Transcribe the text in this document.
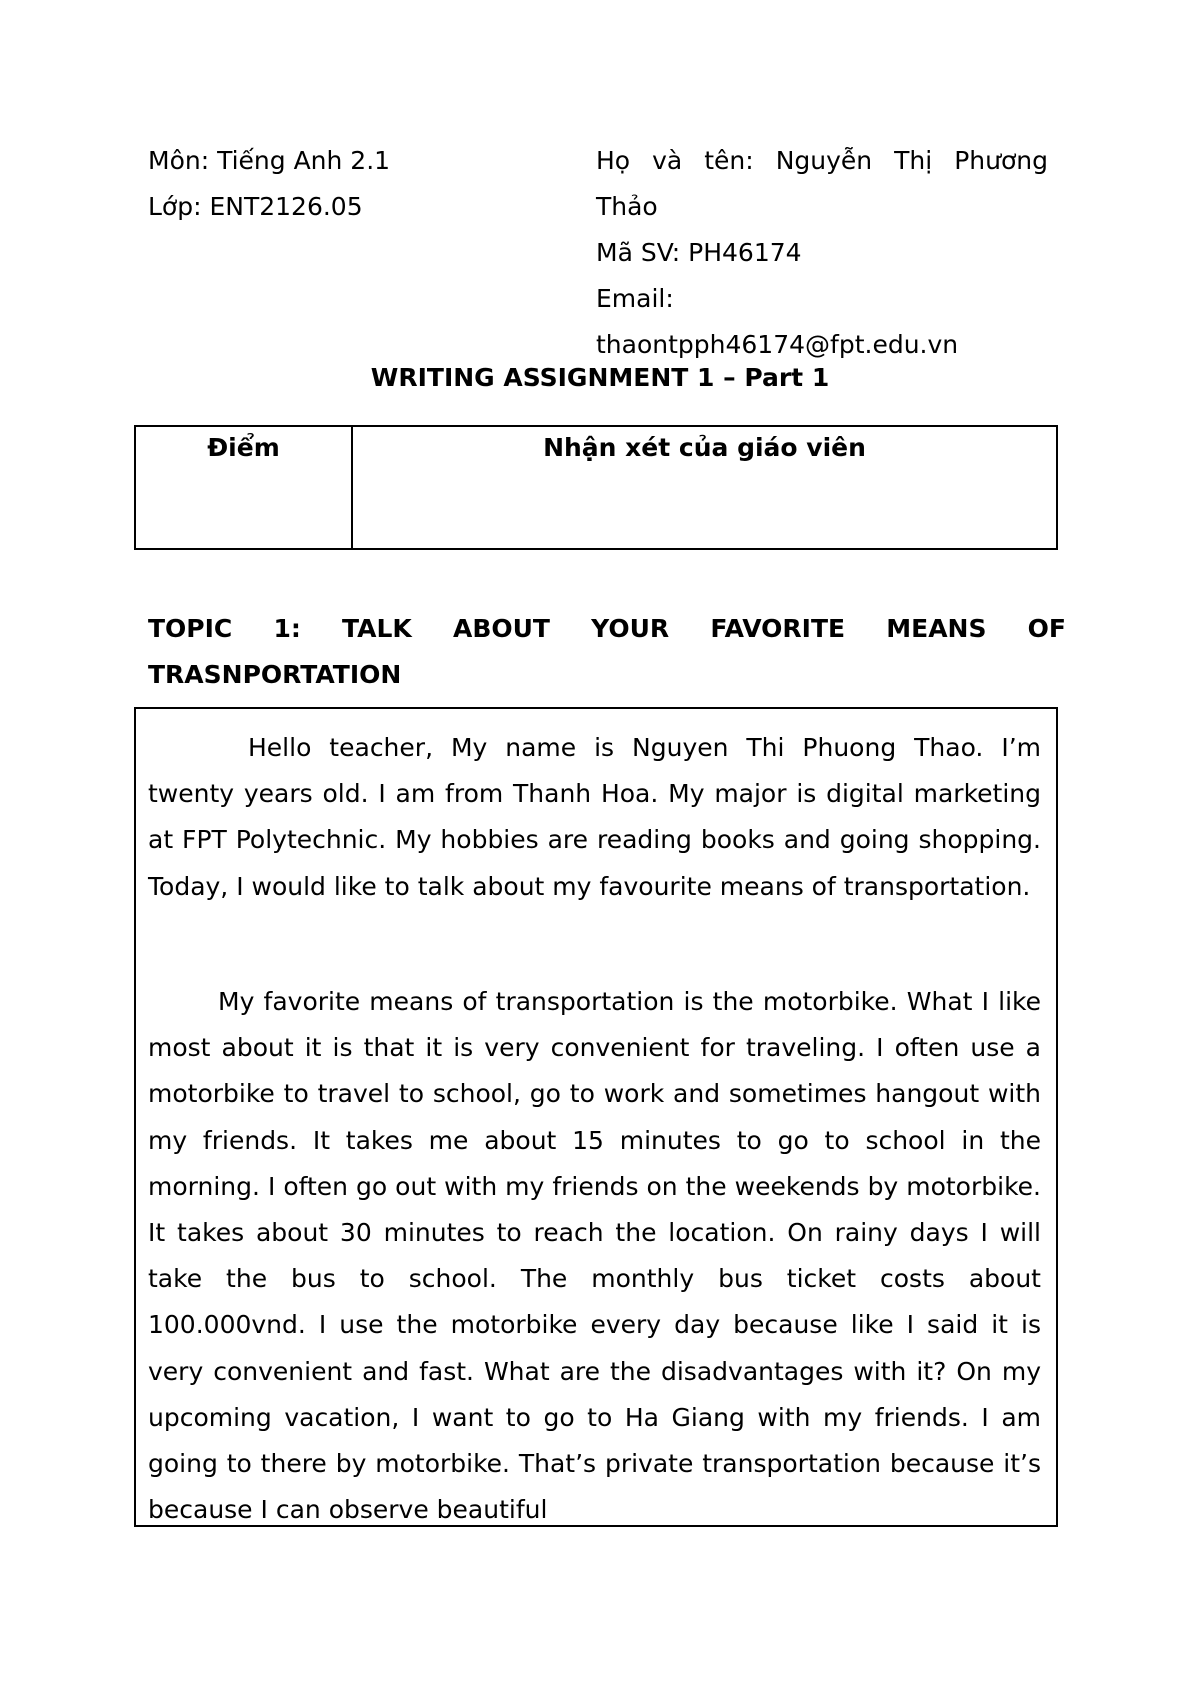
Môn: Tiếng Anh 2.1
Lớp: ENT2126.05
Họ và tên: Nguyễn Thị Phương
Thảo
Mã SV: PH46174
Email:
thaontpph46174@fpt.edu.vn
WRITING ASSIGNMENT 1 – Part 1
Điểm	Nhận xét của giáo viên
TOPIC 1: TALK ABOUT YOUR FAVORITE MEANS OF
TRASNPORTATION
Hello teacher, My name is Nguyen Thi Phuong Thao. I’m twenty years old. I am from Thanh Hoa. My major is digital marketing at FPT Polytechnic. My hobbies are reading books and going shopping. Today, I would like to talk about my favourite means of transportation.
My favorite means of transportation is the motorbike. What I like most about it is that it is very convenient for traveling. I often use a motorbike to travel to school, go to work and sometimes hangout with my friends. It takes me about 15 minutes to go to school in the morning. I often go out with my friends on the weekends by motorbike. It takes about 30 minutes to reach the location. On rainy days I will take the bus to school. The monthly bus ticket costs about 100.000vnd. I use the motorbike every day because like I said it is very convenient and fast. What are the disadvantages with it? On my upcoming vacation, I want to go to Ha Giang with my friends. I am going to there by motorbike. That’s private transportation because it’s because I can observe beautiful
